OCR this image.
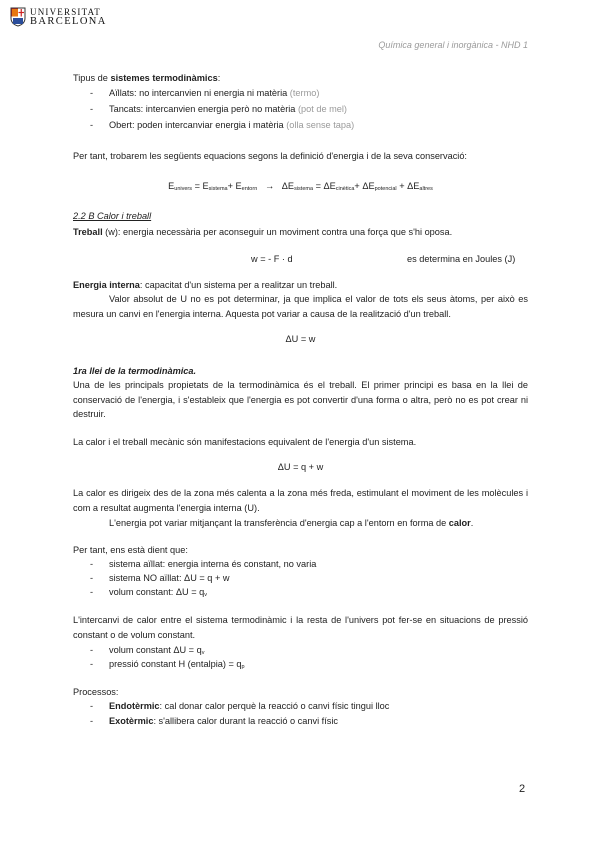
UNIVERSITAT
BARCELONA
Química general i inorgànica - NHD 1
Tipus de sistemes termodinàmics:
- Aïllats: no intercanvien ni energia ni matèria (termo)
- Tancats: intercanvien energia però no matèria (pot de mel)
- Obert: poden intercanviar energia i matèria (olla sense tapa)
Per tant, trobarem les següents equacions segons la definició d'energia i de la seva conservació:
$E_{univers} = E_{sistema}+ E_{entorn} \to \Delta E_{sistema} = \Delta E_{cinètica}+ \Delta E_{potencial} + \Delta E_{altres}$
2.2 B Calor i treball
Treball (w): energia necessària per aconseguir un moviment contra una força que s'hi oposa.
w = - F · d	es determina en Joules (J)
Energia interna: capacitat d'un sistema per a realitzar un treball.
Valor absolut de U no es pot determinar, ja que implica el valor de tots els seus àtoms, per això es mesura un canvi en l'energia interna. Aquesta pot variar a causa de la realització d'un treball.
ΔU = w
1ra llei de la termodinàmica.
Una de les principals propietats de la termodinàmica és el treball. El primer principi es basa en la llei de conservació de l'energia, i s'estableix que l'energia es pot convertir d'una forma o altra, però no es pot crear ni destruir.
La calor i el treball mecànic són manifestacions equivalent de l'energia d'un sistema.
ΔU = q + w
La calor es dirigeix des de la zona més calenta a la zona més freda, estimulant el moviment de les molècules i com a resultat augmenta l'energia interna (U).
L'energia pot variar mitjançant la transferència d'energia cap a l'entorn en forma de calor.
Per tant, ens està dient que:
- sistema aïllat: energia interna és constant, no varia
- sistema NO aïllat: ΔU = q + w
- volum constant: $\Delta U = q_v$
L'intercanvi de calor entre el sistema termodinàmic i la resta de l'univers pot fer-se en situacions de pressió constant o de volum constant.
- volum constant $\Delta U = q_v$
- pressió constant H (entalpia) = $q_p$
Processos:
- Endotèrmic: cal donar calor perquè la reacció o canvi físic tingui lloc
- Exotèrmic: s'allibera calor durant la reacció o canvi físic
2
